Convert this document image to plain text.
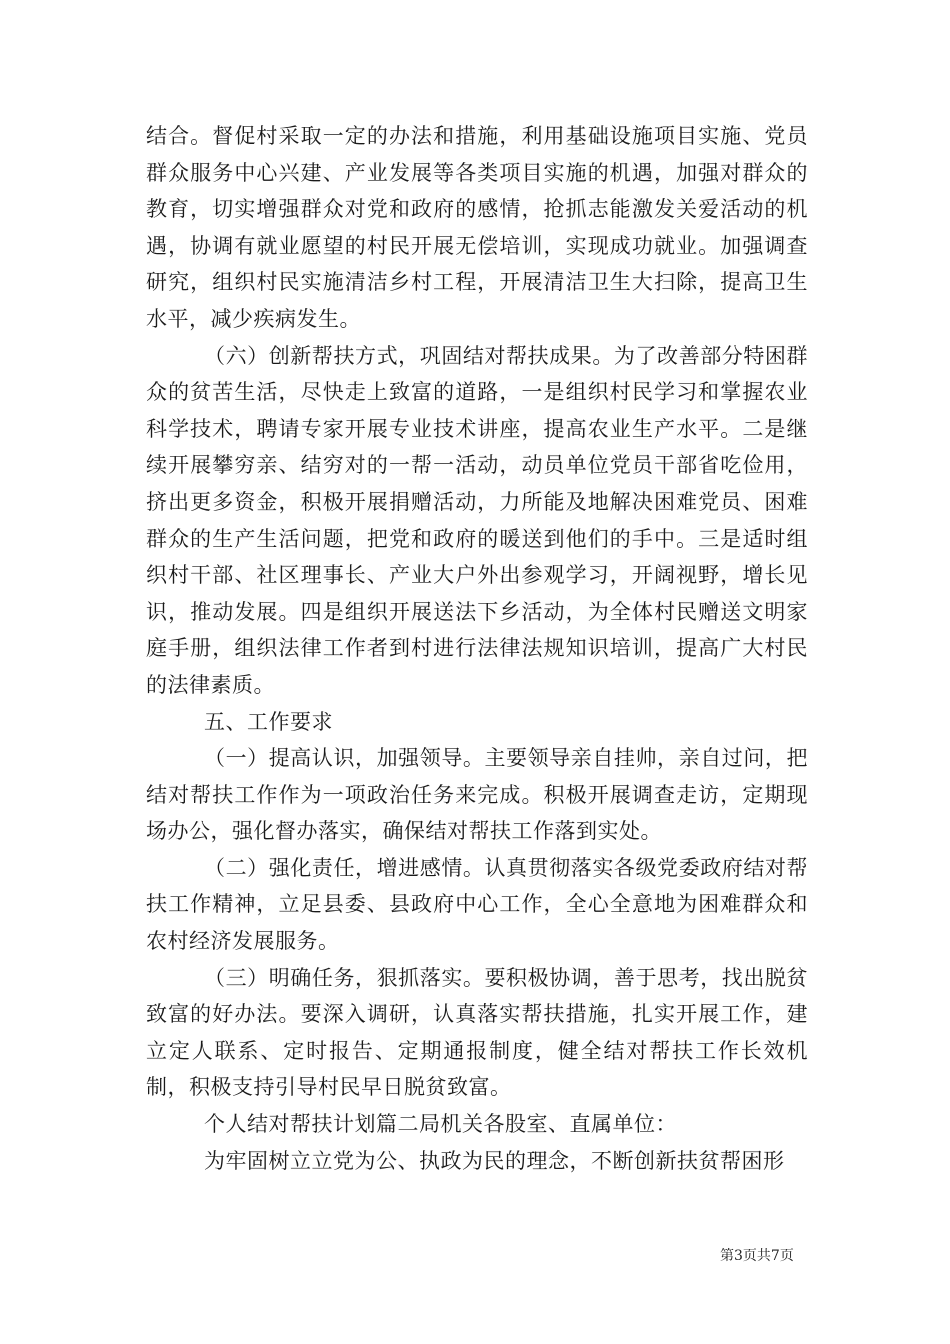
结合。督促村采取一定的办法和措施，利用基础设施项目实施、党员群众服务中心兴建、产业发展等各类项目实施的机遇，加强对群众的教育，切实增强群众对党和政府的感情，抢抓志能激发关爱活动的机遇，协调有就业愿望的村民开展无偿培训，实现成功就业。加强调查研究，组织村民实施清洁乡村工程，开展清洁卫生大扫除，提高卫生水平，减少疾病发生。

（六）创新帮扶方式，巩固结对帮扶成果。为了改善部分特困群众的贫苦生活，尽快走上致富的道路，一是组织村民学习和掌握农业科学技术，聘请专家开展专业技术讲座，提高农业生产水平。二是继续开展攀穷亲、结穷对的一帮一活动，动员单位党员干部省吃俭用，挤出更多资金，积极开展捐赠活动，力所能及地解决困难党员、困难群众的生产生活问题，把党和政府的暖送到他们的手中。三是适时组织村干部、社区理事长、产业大户外出参观学习，开阔视野，增长见识，推动发展。四是组织开展送法下乡活动，为全体村民赠送文明家庭手册，组织法律工作者到村进行法律法规知识培训，提高广大村民的法律素质。

五、工作要求

（一）提高认识，加强领导。主要领导亲自挂帅，亲自过问，把结对帮扶工作作为一项政治任务来完成。积极开展调查走访，定期现场办公，强化督办落实，确保结对帮扶工作落到实处。

（二）强化责任，增进感情。认真贯彻落实各级党委政府结对帮扶工作精神，立足县委、县政府中心工作，全心全意地为困难群众和农村经济发展服务。

（三）明确任务，狠抓落实。要积极协调，善于思考，找出脱贫致富的好办法。要深入调研，认真落实帮扶措施，扎实开展工作，建立定人联系、定时报告、定期通报制度，健全结对帮扶工作长效机制，积极支持引导村民早日脱贫致富。

个人结对帮扶计划篇二局机关各股室、直属单位：

为牢固树立立党为公、执政为民的理念，不断创新扶贫帮困形

第3页共7页
